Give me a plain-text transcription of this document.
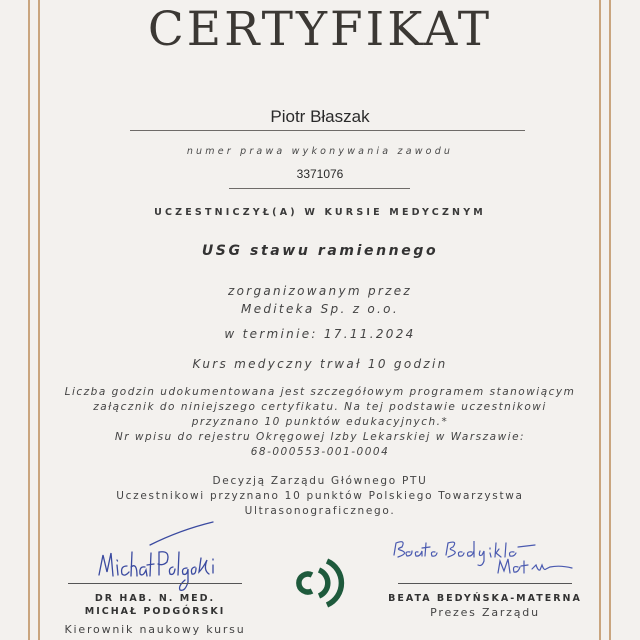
CERTYFIKAT
Piotr Błaszak
numer prawa wykonywania zawodu
3371076
UCZESTNICZYŁ(A) W KURSIE MEDYCZNYM
USG stawu ramiennego
zorganizowanym przez
Mediteka Sp. z o.o.
w terminie: 17.11.2024
Kurs medyczny trwał 10 godzin
Liczba godzin udokumentowana jest szczegółowym programem stanowiącym
załącznik do niniejszego certyfikatu. Na tej podstawie uczestnikowi
przyznano 10 punktów edukacyjnych.*
Nr wpisu do rejestru Okręgowej Izby Lekarskiej w Warszawie:
68-000553-001-0004
Decyzją Zarządu Głównego PTU
Uczestnikowi przyznano 10 punktów Polskiego Towarzystwa
Ultrasonograficznego.
DR HAB. N. MED.
MICHAŁ PODGÓRSKI
Kierownik naukowy kursu
BEATA BEDYŃSKA-MATERNA
Prezes Zarządu
